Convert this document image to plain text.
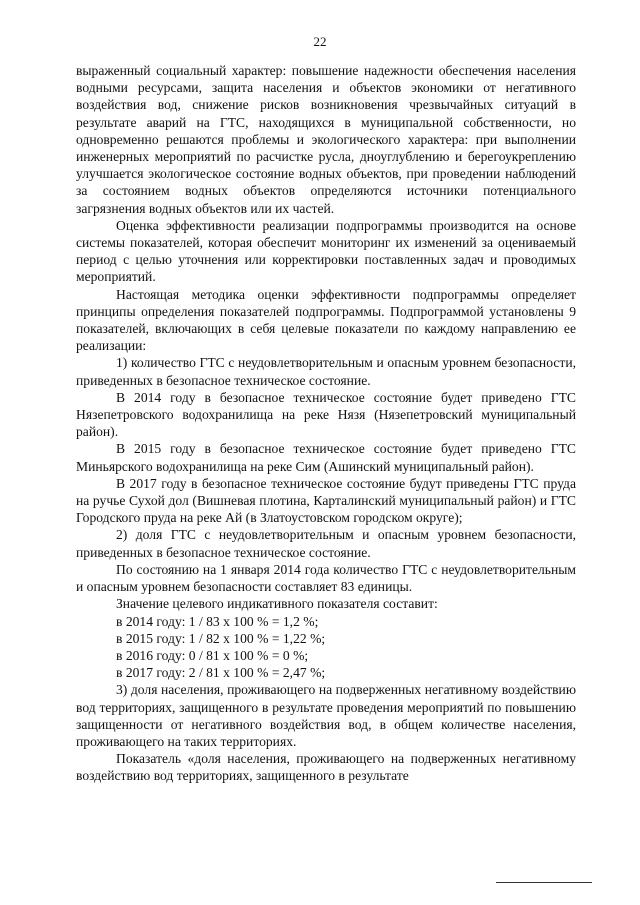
22

выраженный социальный характер: повышение надежности обеспечения населения водными ресурсами, защита населения и объектов экономики от негативного воздействия вод, снижение рисков возникновения чрезвычайных ситуаций в результате аварий на ГТС, находящихся в муниципальной собственности, но одновременно решаются проблемы и экологического характера: при выполнении инженерных мероприятий по расчистке русла, дноуглублению и берегоукреплению улучшается экологическое состояние водных объектов, при проведении наблюдений за состоянием водных объектов определяются источники потенциального загрязнения водных объектов или их частей.

Оценка эффективности реализации подпрограммы производится на основе системы показателей, которая обеспечит мониторинг их изменений за оцениваемый период с целью уточнения или корректировки поставленных задач и проводимых мероприятий.

Настоящая методика оценки эффективности подпрограммы определяет принципы определения показателей подпрограммы. Подпрограммой установлены 9 показателей, включающих в себя целевые показатели по каждому направлению ее реализации:

1) количество ГТС с неудовлетворительным и опасным уровнем безопасности, приведенных в безопасное техническое состояние.

В 2014 году в безопасное техническое состояние будет приведено ГТС Нязепетровского водохранилища на реке Нязя (Нязепетровский муниципальный район).

В 2015 году в безопасное техническое состояние будет приведено ГТС Миньярского водохранилища на реке Сим (Ашинский муниципальный район).

В 2017 году в безопасное техническое состояние будут приведены ГТС пруда на ручье Сухой дол (Вишневая плотина, Карталинский муниципальный район) и ГТС Городского пруда на реке Ай (в Златоустовском городском округе);

2) доля ГТС с неудовлетворительным и опасным уровнем безопасности, приведенных в безопасное техническое состояние.

По состоянию на 1 января 2014 года количество ГТС с неудовлетворительным и опасным уровнем безопасности составляет 83 единицы.

Значение целевого индикативного показателя составит:

в 2014 году: 1 / 83 х 100 % = 1,2 %;

в 2015 году: 1 / 82 х 100 % = 1,22 %;

в 2016 году: 0 / 81 х 100 % = 0 %;

в 2017 году: 2 / 81 х 100 % = 2,47 %;

3) доля населения, проживающего на подверженных негативному воздействию вод территориях, защищенного в результате проведения мероприятий по повышению защищенности от негативного воздействия вод, в общем количестве населения, проживающего на таких территориях.

Показатель «доля населения, проживающего на подверженных негативному воздействию вод территориях, защищенного в результате
